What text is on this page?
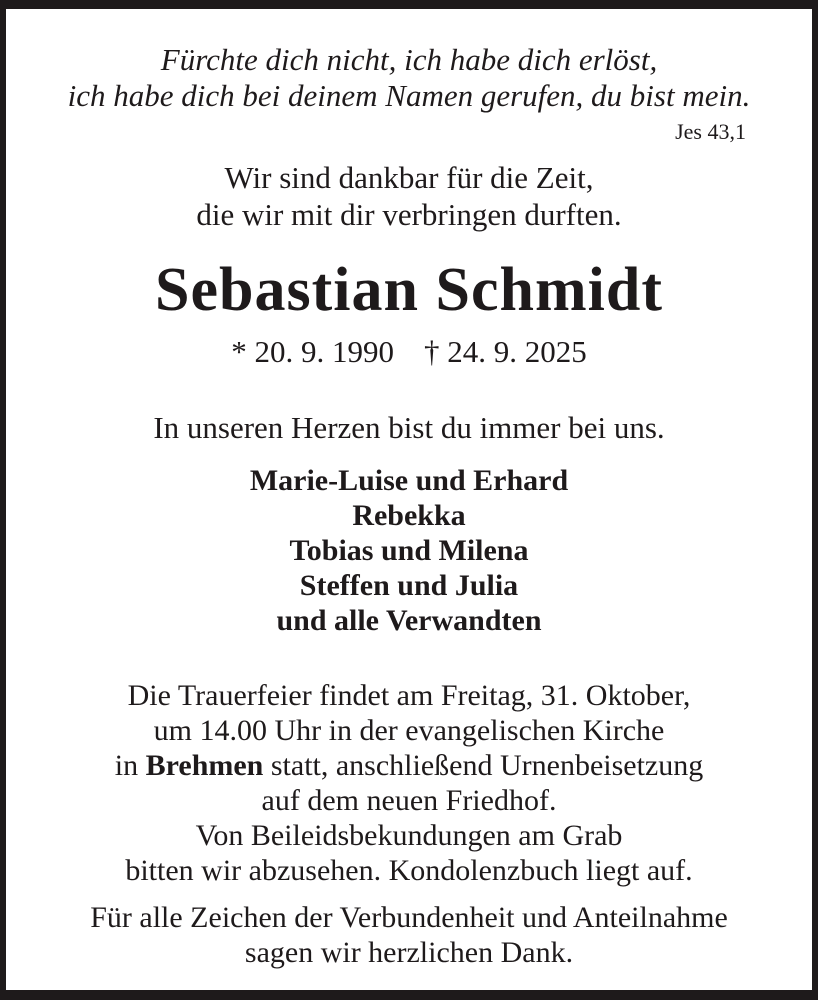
Fürchte dich nicht, ich habe dich erlöst,
ich habe dich bei deinem Namen gerufen, du bist mein.
Jes 43,1
Wir sind dankbar für die Zeit,
die wir mit dir verbringen durften.
Sebastian Schmidt
* 20. 9. 1990 † 24. 9. 2025
In unseren Herzen bist du immer bei uns.
Marie-Luise und Erhard
Rebekka
Tobias und Milena
Steffen und Julia
und alle Verwandten
Die Trauerfeier findet am Freitag, 31. Oktober,
um 14.00 Uhr in der evangelischen Kirche
in Brehmen statt, anschließend Urnenbeisetzung
auf dem neuen Friedhof.
Von Beileidsbekundungen am Grab
bitten wir abzusehen. Kondolenzbuch liegt auf.
Für alle Zeichen der Verbundenheit und Anteilnahme
sagen wir herzlichen Dank.
